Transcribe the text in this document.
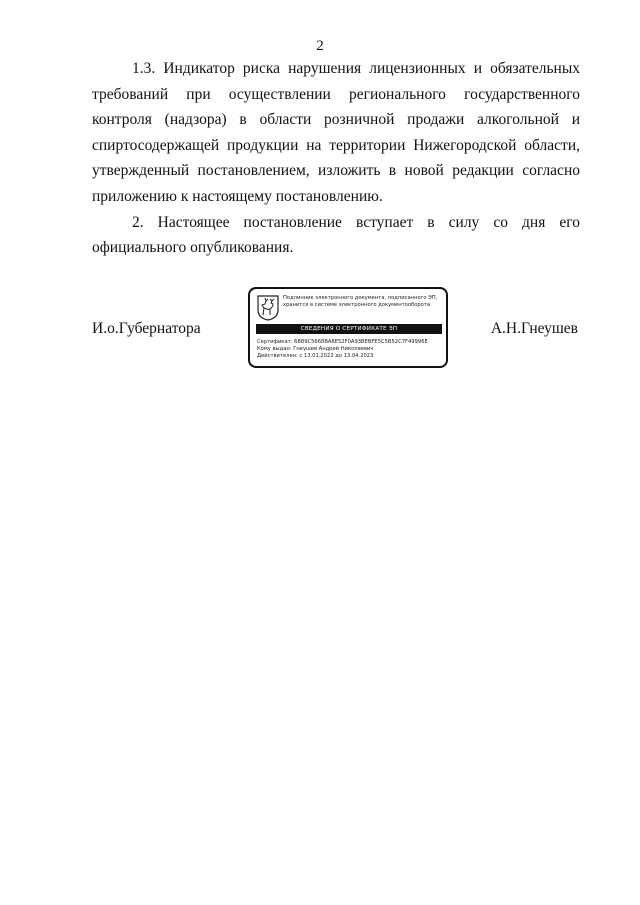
2

1.3. Индикатор риска нарушения лицензионных и обязательных требований при осуществлении регионального государственного контроля (надзора) в области розничной продажи алкогольной и спиртосодержащей продукции на территории Нижегородской области, утвержденный постановлением, изложить в новой редакции согласно приложению к настоящему постановлению.

2. Настоящее постановление вступает в силу со дня его официального опубликования.

И.о.Губернатора
Подлинник электронного документа, подписанного ЭП,
хранится в системе электронного документооборота
СВЕДЕНИЯ О СЕРТИФИКАТЕ ЭП
Сертификат: 6B89C5668BA8E52F0A93BEBFE5C5B52C7F49996E
Кому выдан: Гнеушев Андрей Николаевич
Действителен: с 13.01.2022 до 13.04.2023
А.Н.Гнеушев
